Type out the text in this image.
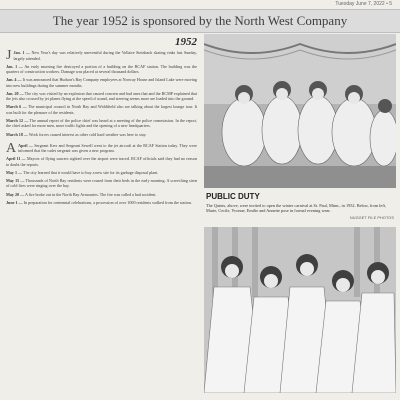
Tuesday June 7, 2022 • 5
The year 1952 is sponsored by the North West Company
1952

J Jan. 1 — New Year's day was relatively uneventful during the Vollaire Steinbach skating rinks last Sunday, largely attended.

Jan. 1 — An early morning fire destroyed a portion of a building on the RCAF station. The building was the quarters of construction workers. Damage was placed at several thousand dollars.

Jan. 4 — It was announced that Hudson's Bay Company employees at Norway House and Island Lake were moving into new buildings during the summer months.

Jan. 20 — The city was visited by an explosion that caused concern and bad ones that and the RCMP explained that the jets also crossed by jet planes flying at the speed of sound, and steering seems more are loaded into the ground.

March 6 — The municipal council in North Bay and Widdifield also are talking about the largest lounge tour. It was built for the pleasure of the residents.

March 12 — The annual report of the police chief was heard at a meeting of the police commission. In the report, the chief asked for more men, more traffic lights and the opening of a new headquarters.

March 18 — Work forces caused interest as other cold hard weather was here to stay.

A April — Sergeant Kerr and Sergeant Sewell went to the jet aircraft at the RCAF Station today. They were informed that the cadet sergeant was given a new program.

April 11 — Mayors of flying saucers sighted over the airport were traced. RCAF officials said they had no reason to doubt the reports.

May 1 — The city learned that it would have to buy a new site for its garbage disposal plant.

May 15 — Thousands of North Bay residents were roused from their beds in the early morning. A screeching siren of cold fires were ringing over the bay.

May 20 — A fire broke out in the North Bay Armouries. The fire was called a bad accident.

June 1 — In preparation for centennial celebrations, a procession of over 1000 residents walked from the station.

PUBLIC DUTY

The Quints, above, were invited to open the winter carnival at St. Paul, Minn., in 1952. Below, from left, Marie, Cecile, Yvonne, Emilie and Annette pose in formal evening wear.

NUGGET FILE PHOTOS
